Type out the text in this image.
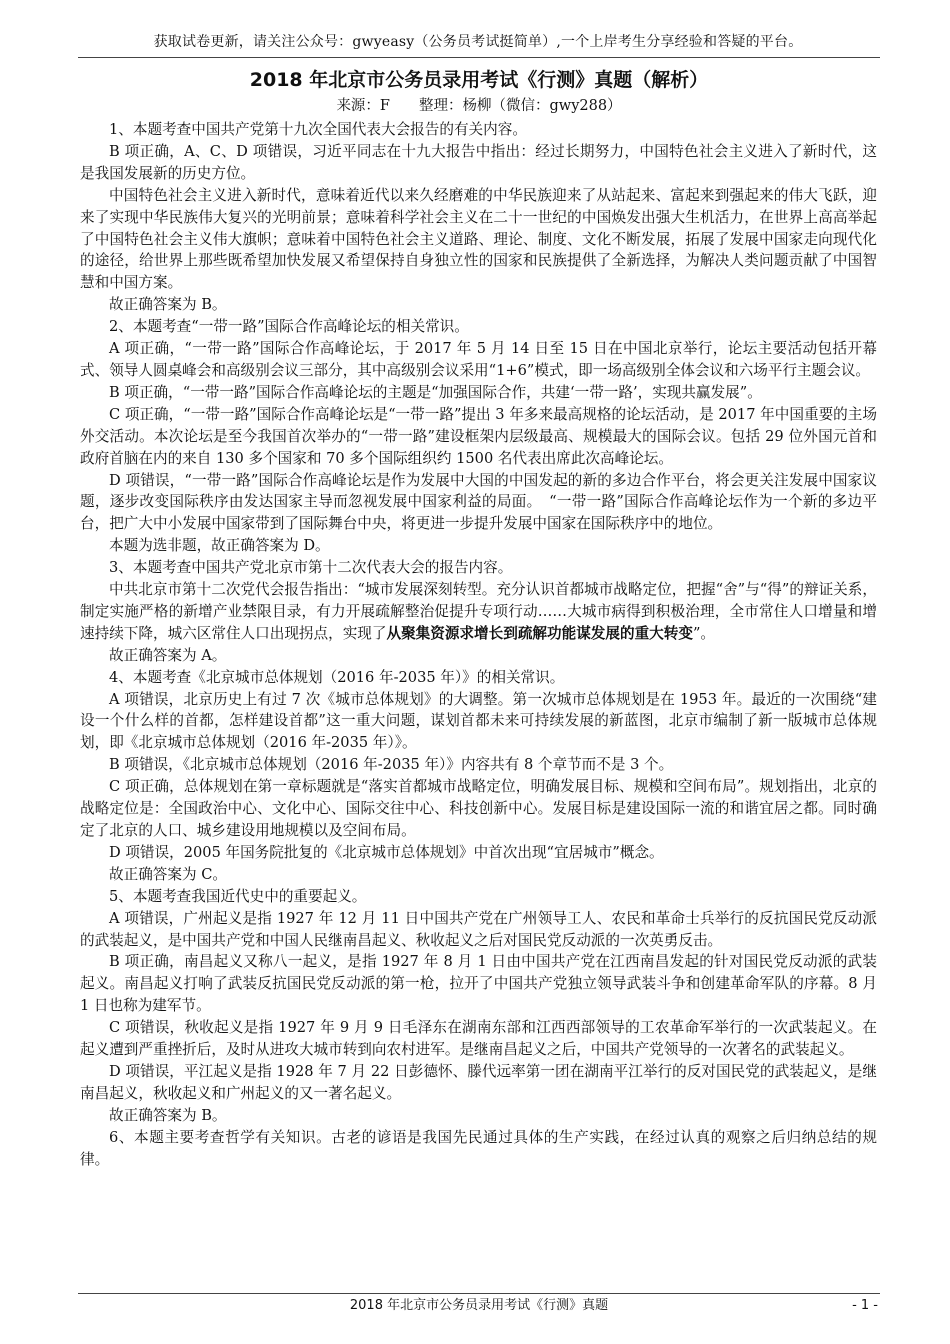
获取试卷更新，请关注公众号：gwyeasy（公务员考试挺简单）,一个上岸考生分享经验和答疑的平台。
2018 年北京市公务员录用考试《行测》真题（解析）
来源：F　　整理：杨柳（微信：gwy288）

1、本题考查中国共产党第十九次全国代表大会报告的有关内容。

B 项正确，A、C、D 项错误，习近平同志在十九大报告中指出：经过长期努力，中国特色社会主义进入了新时代，这是我国发展新的历史方位。

中国特色社会主义进入新时代，意味着近代以来久经磨难的中华民族迎来了从站起来、富起来到强起来的伟大飞跃，迎来了实现中华民族伟大复兴的光明前景；意味着科学社会主义在二十一世纪的中国焕发出强大生机活力，在世界上高高举起了中国特色社会主义伟大旗帜；意味着中国特色社会主义道路、理论、制度、文化不断发展，拓展了发展中国家走向现代化的途径，给世界上那些既希望加快发展又希望保持自身独立性的国家和民族提供了全新选择，为解决人类问题贡献了中国智慧和中国方案。

故正确答案为 B。

2、本题考查“一带一路”国际合作高峰论坛的相关常识。

A 项正确，“一带一路”国际合作高峰论坛，于 2017 年 5 月 14 日至 15 日在中国北京举行，论坛主要活动包括开幕式、领导人圆桌峰会和高级别会议三部分，其中高级别会议采用“1+6”模式，即一场高级别全体会议和六场平行主题会议。

B 项正确，“一带一路”国际合作高峰论坛的主题是“加强国际合作，共建‘一带一路’，实现共赢发展”。

C 项正确，“一带一路”国际合作高峰论坛是“一带一路”提出 3 年多来最高规格的论坛活动，是 2017 年中国重要的主场外交活动。本次论坛是至今我国首次举办的“一带一路”建设框架内层级最高、规模最大的国际会议。包括 29 位外国元首和政府首脑在内的来自 130 多个国家和 70 多个国际组织约 1500 名代表出席此次高峰论坛。

D 项错误，“一带一路”国际合作高峰论坛是作为发展中大国的中国发起的新的多边合作平台，将会更关注发展中国家议题，逐步改变国际秩序由发达国家主导而忽视发展中国家利益的局面。　“一带一路”国际合作高峰论坛作为一个新的多边平台，把广大中小发展中国家带到了国际舞台中央，将更进一步提升发展中国家在国际秩序中的地位。

本题为选非题，故正确答案为 D。

3、本题考查中国共产党北京市第十二次代表大会的报告内容。

中共北京市第十二次党代会报告指出：“城市发展深刻转型。充分认识首都城市战略定位，把握“舍”与“得”的辩证关系，制定实施严格的新增产业禁限目录，有力开展疏解整治促提升专项行动……大城市病得到积极治理，全市常住人口增量和增速持续下降，城六区常住人口出现拐点，实现了从聚集资源求增长到疏解功能谋发展的重大转变”。

故正确答案为 A。

4、本题考查《北京城市总体规划（2016 年-2035 年）》的相关常识。

A 项错误，北京历史上有过 7 次《城市总体规划》的大调整。第一次城市总体规划是在 1953 年。最近的一次围绕“建设一个什么样的首都，怎样建设首都”这一重大问题，谋划首都未来可持续发展的新蓝图，北京市编制了新一版城市总体规划，即《北京城市总体规划（2016 年-2035 年）》。

B 项错误，《北京城市总体规划（2016 年-2035 年）》内容共有 8 个章节而不是 3 个。

C 项正确，总体规划在第一章标题就是“落实首都城市战略定位，明确发展目标、规模和空间布局”。规划指出，北京的战略定位是：全国政治中心、文化中心、国际交往中心、科技创新中心。发展目标是建设国际一流的和谐宜居之都。同时确定了北京的人口、城乡建设用地规模以及空间布局。

D 项错误，2005 年国务院批复的《北京城市总体规划》中首次出现“宜居城市”概念。

故正确答案为 C。

5、本题考查我国近代史中的重要起义。

A 项错误，广州起义是指 1927 年 12 月 11 日中国共产党在广州领导工人、农民和革命士兵举行的反抗国民党反动派的武装起义，是中国共产党和中国人民继南昌起义、秋收起义之后对国民党反动派的一次英勇反击。

B 项正确，南昌起义又称八一起义，是指 1927 年 8 月 1 日由中国共产党在江西南昌发起的针对国民党反动派的武装起义。南昌起义打响了武装反抗国民党反动派的第一枪，拉开了中国共产党独立领导武装斗争和创建革命军队的序幕。8 月 1 日也称为建军节。

C 项错误，秋收起义是指 1927 年 9 月 9 日毛泽东在湖南东部和江西西部领导的工农革命军举行的一次武装起义。在起义遭到严重挫折后，及时从进攻大城市转到向农村进军。是继南昌起义之后，中国共产党领导的一次著名的武装起义。

D 项错误，平江起义是指 1928 年 7 月 22 日彭德怀、滕代远率第一团在湖南平江举行的反对国民党的武装起义，是继南昌起义，秋收起义和广州起义的又一著名起义。

故正确答案为 B。

6、本题主要考查哲学有关知识。古老的谚语是我国先民通过具体的生产实践，在经过认真的观察之后归纳总结的规律。

2018 年北京市公务员录用考试《行测》真题	- 1 -
